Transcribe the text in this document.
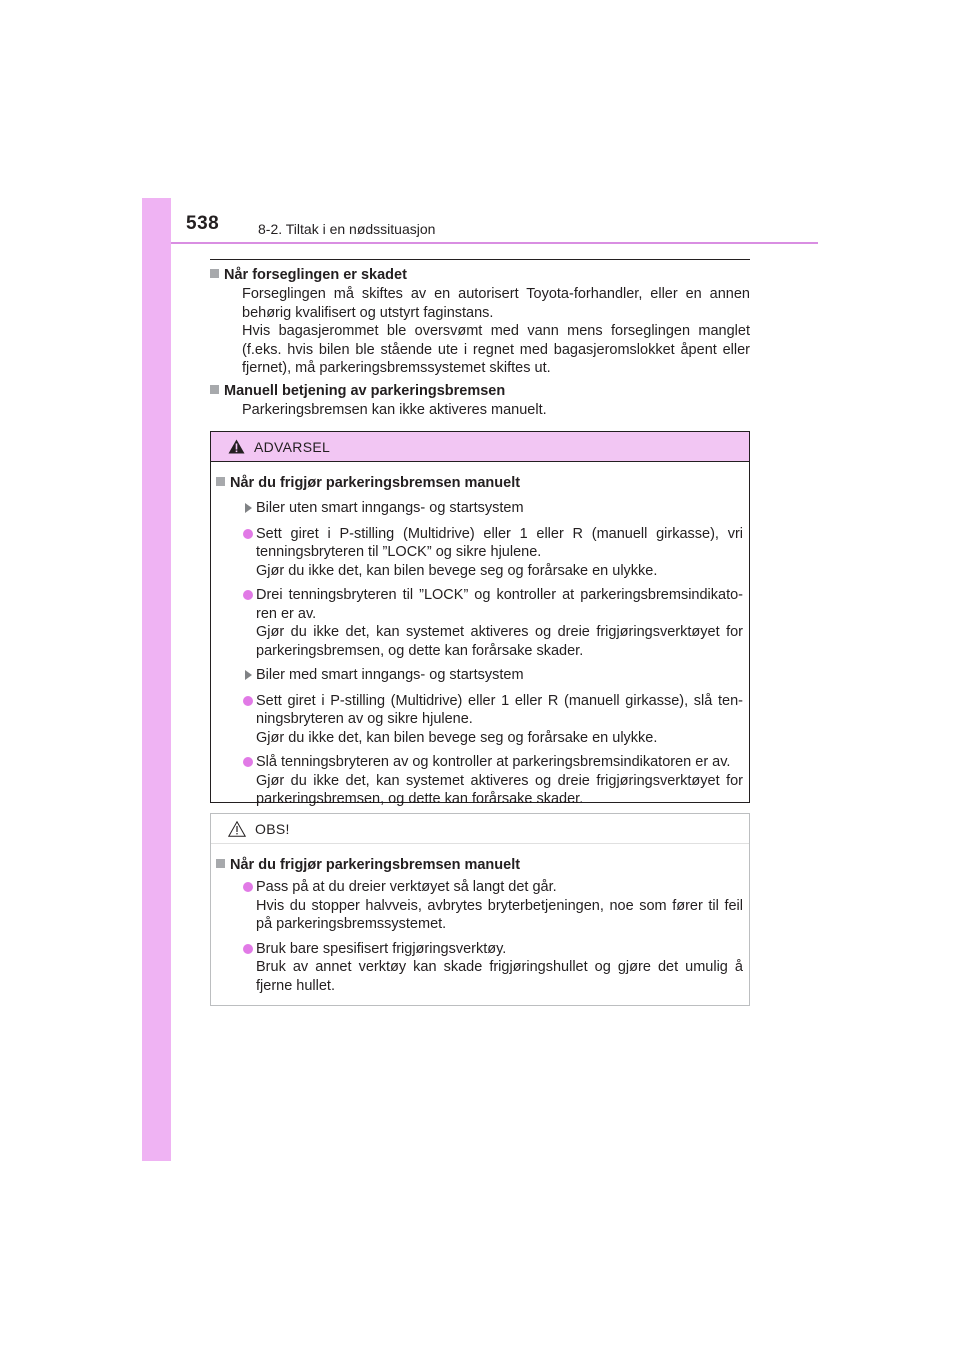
538	8-2. Tiltak i en nødssituasjon
Når forseglingen er skadet
Forseglingen må skiftes av en autorisert Toyota-forhandler, eller en annen behørig kvalifisert og utstyrt faginstans.
Hvis bagasjerommet ble oversvømt med vann mens forseglingen manglet (f.eks. hvis bilen ble stående ute i regnet med bagasjeromslokket åpent eller fjernet), må parkeringsbremssystemet skiftes ut.
Manuell betjening av parkeringsbremsen
Parkeringsbremsen kan ikke aktiveres manuelt.
ADVARSEL
Når du frigjør parkeringsbremsen manuelt
Biler uten smart inngangs- og startsystem
Sett giret i P-stilling (Multidrive) eller 1 eller R (manuell girkasse), vri tenningsbryteren til ”LOCK” og sikre hjulene.
Gjør du ikke det, kan bilen bevege seg og forårsake en ulykke.
Drei tenningsbryteren til ”LOCK” og kontroller at parkeringsbremsindikato-ren er av.
Gjør du ikke det, kan systemet aktiveres og dreie frigjøringsverktøyet for parkeringsbremsen, og dette kan forårsake skader.
Biler med smart inngangs- og startsystem
Sett giret i P-stilling (Multidrive) eller 1 eller R (manuell girkasse), slå ten-ningsbryteren av og sikre hjulene.
Gjør du ikke det, kan bilen bevege seg og forårsake en ulykke.
Slå tenningsbryteren av og kontroller at parkeringsbremsindikatoren er av.
Gjør du ikke det, kan systemet aktiveres og dreie frigjøringsverktøyet for parkeringsbremsen, og dette kan forårsake skader.
OBS!
Når du frigjør parkeringsbremsen manuelt
Pass på at du dreier verktøyet så langt det går.
Hvis du stopper halvveis, avbrytes bryterbetjeningen, noe som fører til feil på parkeringsbremssystemet.
Bruk bare spesifisert frigjøringsverktøy.
Bruk av annet verktøy kan skade frigjøringshullet og gjøre det umulig å fjerne hullet.
